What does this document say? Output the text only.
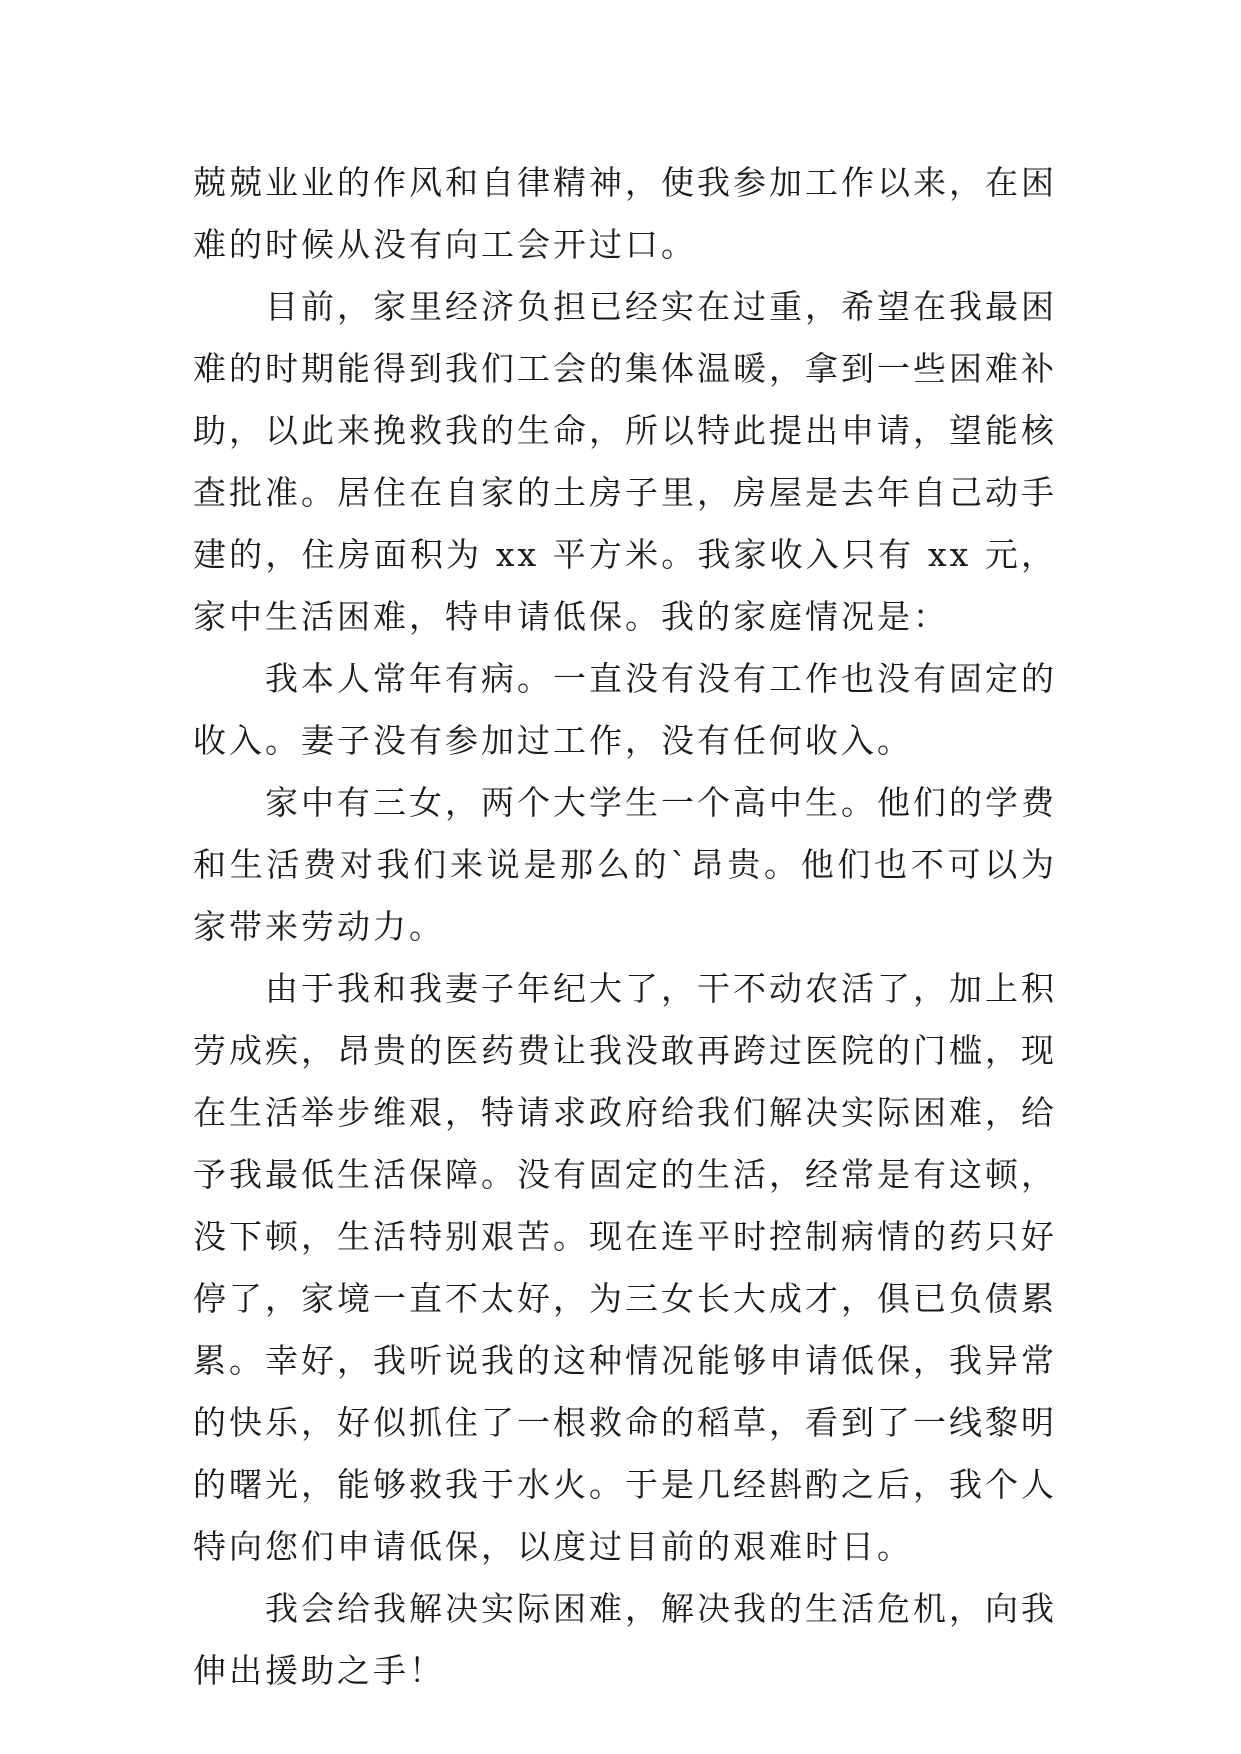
兢兢业业的作风和自律精神，使我参加工作以来，在困难的时候从没有向工会开过口。

目前，家里经济负担已经实在过重，希望在我最困难的时期能得到我们工会的集体温暖，拿到一些困难补助，以此来挽救我的生命，所以特此提出申请，望能核查批准。居住在自家的土房子里，房屋是去年自己动手建的，住房面积为 xx 平方米。我家收入只有 xx 元，家中生活困难，特申请低保。我的家庭情况是：

我本人常年有病。一直没有没有工作也没有固定的收入。妻子没有参加过工作，没有任何收入。

家中有三女，两个大学生一个高中生。他们的学费和生活费对我们来说是那么的`昂贵。他们也不可以为家带来劳动力。

由于我和我妻子年纪大了，干不动农活了，加上积劳成疾，昂贵的医药费让我没敢再跨过医院的门槛，现在生活举步维艰，特请求政府给我们解决实际困难，给予我最低生活保障。没有固定的生活，经常是有这顿，没下顿，生活特别艰苦。现在连平时控制病情的药只好停了，家境一直不太好，为三女长大成才，俱已负债累累。幸好，我听说我的这种情况能够申请低保，我异常的快乐，好似抓住了一根救命的稻草，看到了一线黎明的曙光，能够救我于水火。于是几经斟酌之后，我个人特向您们申请低保，以度过目前的艰难时日。

我会给我解决实际困难，解决我的生活危机，向我伸出援助之手！
